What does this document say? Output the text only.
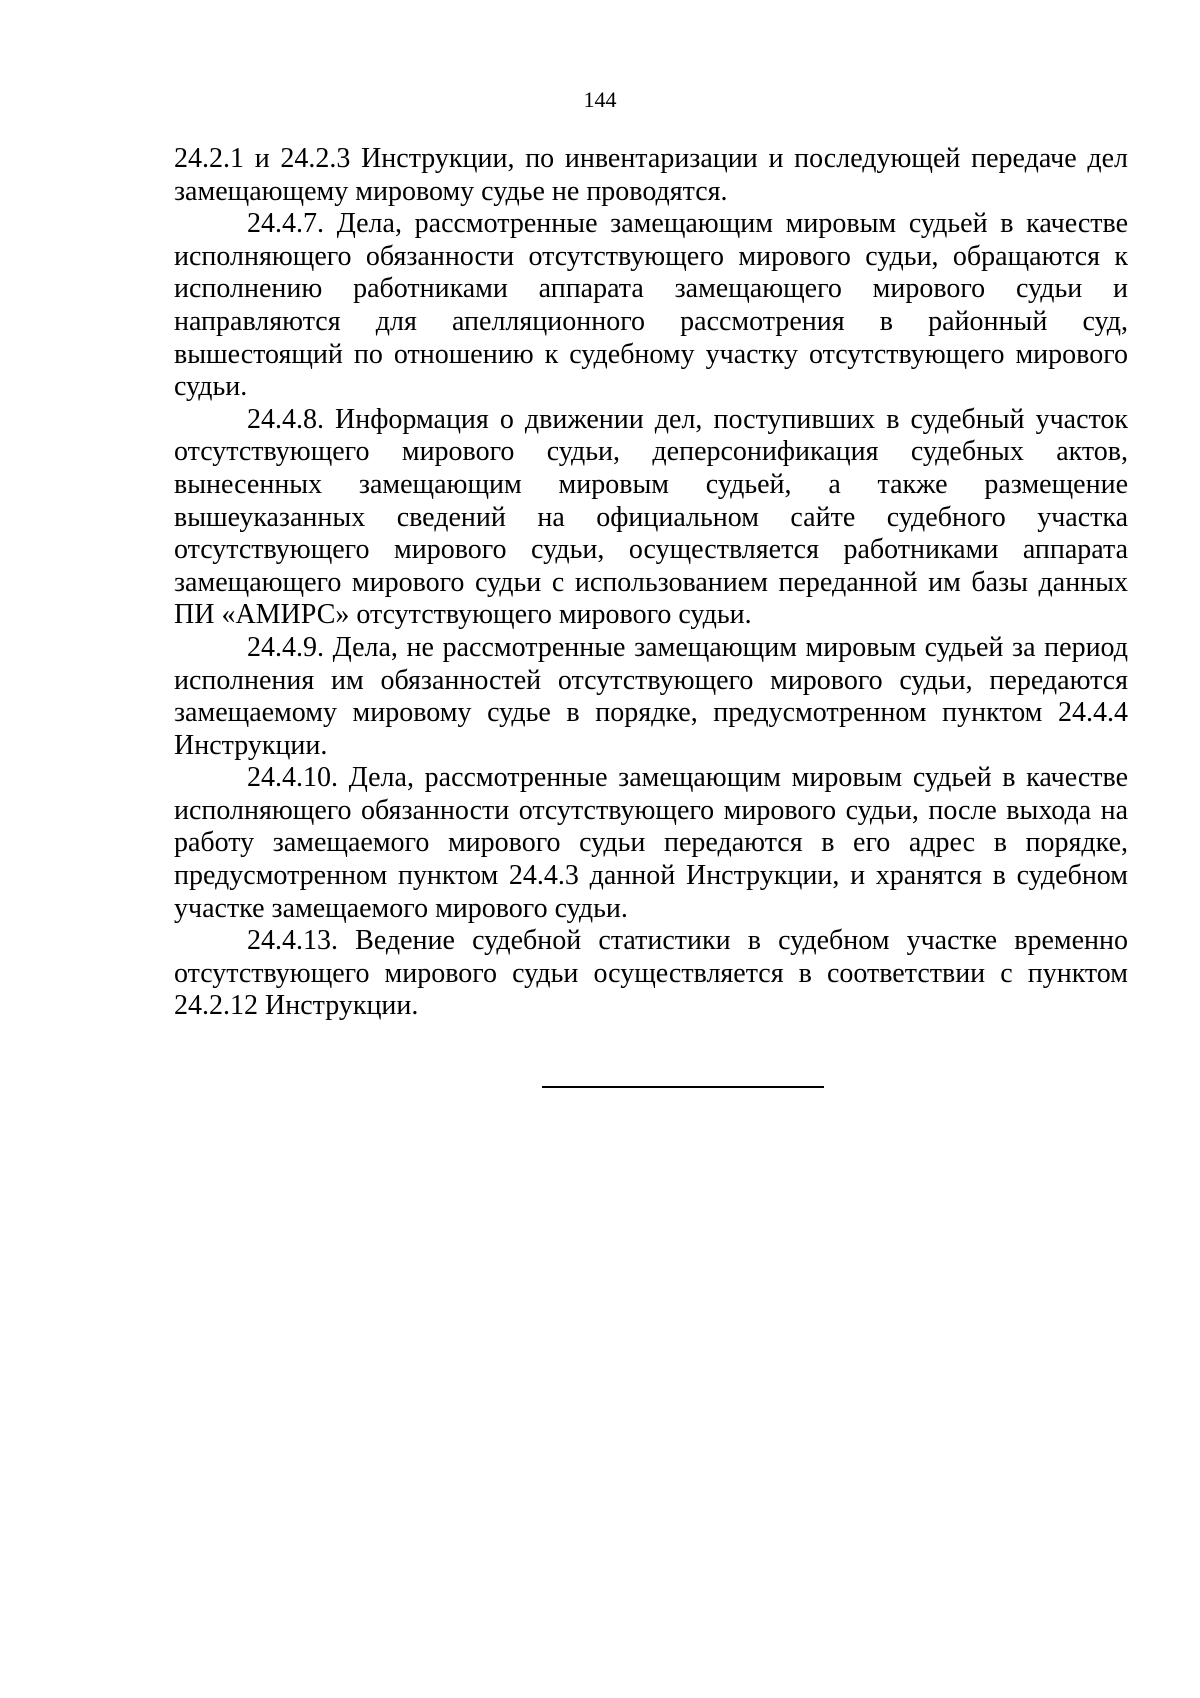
144

24.2.1 и 24.2.3 Инструкции, по инвентаризации и последующей передаче дел замещающему мировому судье не проводятся.

24.4.7. Дела, рассмотренные замещающим мировым судьей в качестве исполняющего обязанности отсутствующего мирового судьи, обращаются к исполнению работниками аппарата замещающего мирового судьи и направляются для апелляционного рассмотрения в районный суд, вышестоящий по отношению к судебному участку отсутствующего мирового судьи.

24.4.8. Информация о движении дел, поступивших в судебный участок отсутствующего мирового судьи, деперсонификация судебных актов, вынесенных замещающим мировым судьей, а также размещение вышеуказанных сведений на официальном сайте судебного участка отсутствующего мирового судьи, осуществляется работниками аппарата замещающего мирового судьи с использованием переданной им базы данных ПИ «АМИРС» отсутствующего мирового судьи.

24.4.9. Дела, не рассмотренные замещающим мировым судьей за период исполнения им обязанностей отсутствующего мирового судьи, передаются замещаемому мировому судье в порядке, предусмотренном пунктом 24.4.4 Инструкции.

24.4.10. Дела, рассмотренные замещающим мировым судьей в качестве исполняющего обязанности отсутствующего мирового судьи, после выхода на работу замещаемого мирового судьи передаются в его адрес в порядке, предусмотренном пунктом 24.4.3 данной Инструкции, и хранятся в судебном участке замещаемого мирового судьи.

24.4.13. Ведение судебной статистики в судебном участке временно отсутствующего мирового судьи осуществляется в соответствии с пунктом 24.2.12 Инструкции.
